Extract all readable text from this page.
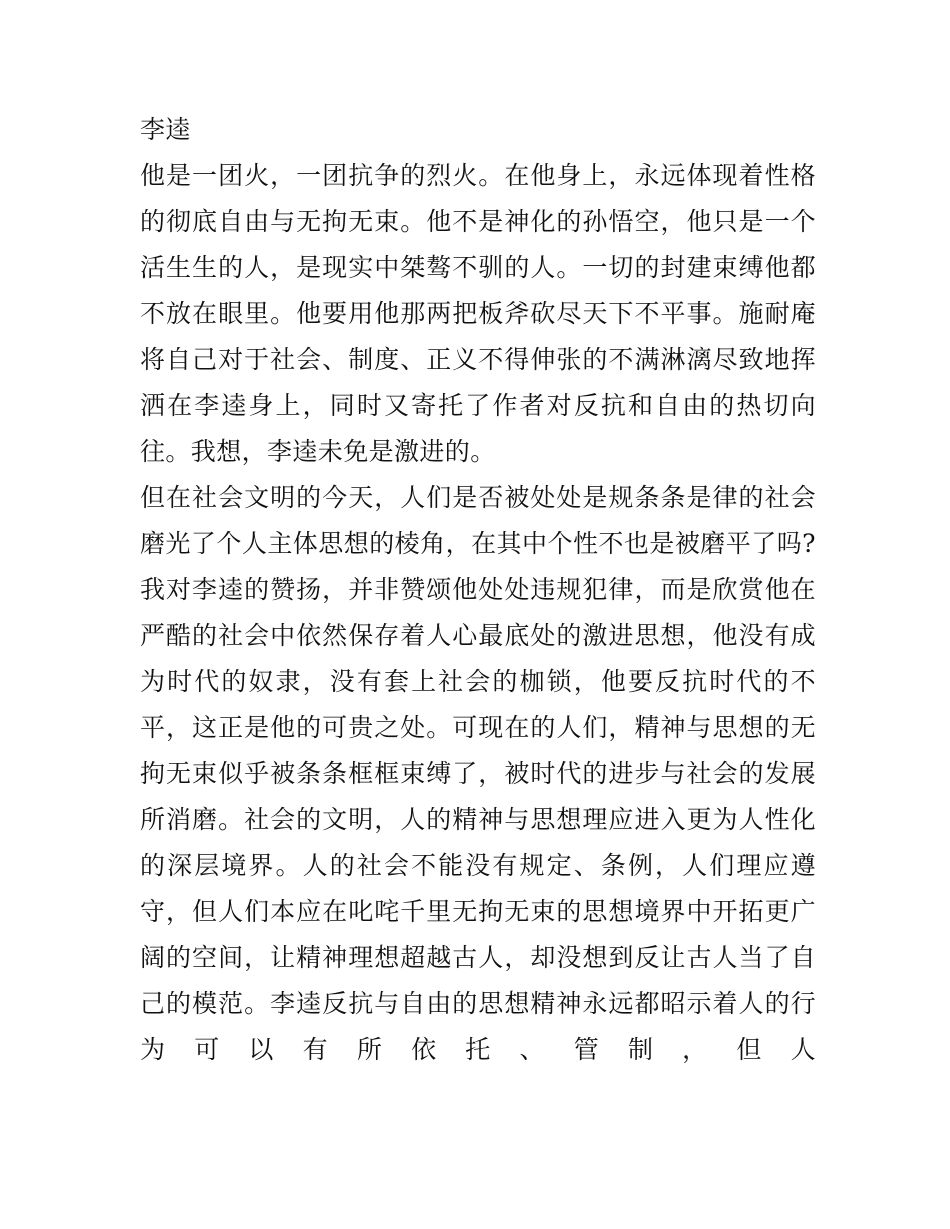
李逵

他是一团火，一团抗争的烈火。在他身上，永远体现着性格的彻底自由与无拘无束。他不是神化的孙悟空，他只是一个活生生的人，是现实中桀骜不驯的人。一切的封建束缚他都不放在眼里。他要用他那两把板斧砍尽天下不平事。施耐庵将自己对于社会、制度、正义不得伸张的不满淋漓尽致地挥洒在李逵身上，同时又寄托了作者对反抗和自由的热切向往。我想，李逵未免是激进的。

但在社会文明的今天，人们是否被处处是规条条是律的社会磨光了个人主体思想的棱角，在其中个性不也是被磨平了吗?我对李逵的赞扬，并非赞颂他处处违规犯律，而是欣赏他在严酷的社会中依然保存着人心最底处的激进思想，他没有成为时代的奴隶，没有套上社会的枷锁，他要反抗时代的不平，这正是他的可贵之处。可现在的人们，精神与思想的无拘无束似乎被条条框框束缚了，被时代的进步与社会的发展所消磨。社会的文明，人的精神与思想理应进入更为人性化的深层境界。人的社会不能没有规定、条例，人们理应遵守，但人们本应在叱咤千里无拘无束的思想境界中开拓更广阔的空间，让精神理想超越古人，却没想到反让古人当了自己的模范。李逵反抗与自由的思想精神永远都昭示着人的行为可以有所依托、管制，但人
